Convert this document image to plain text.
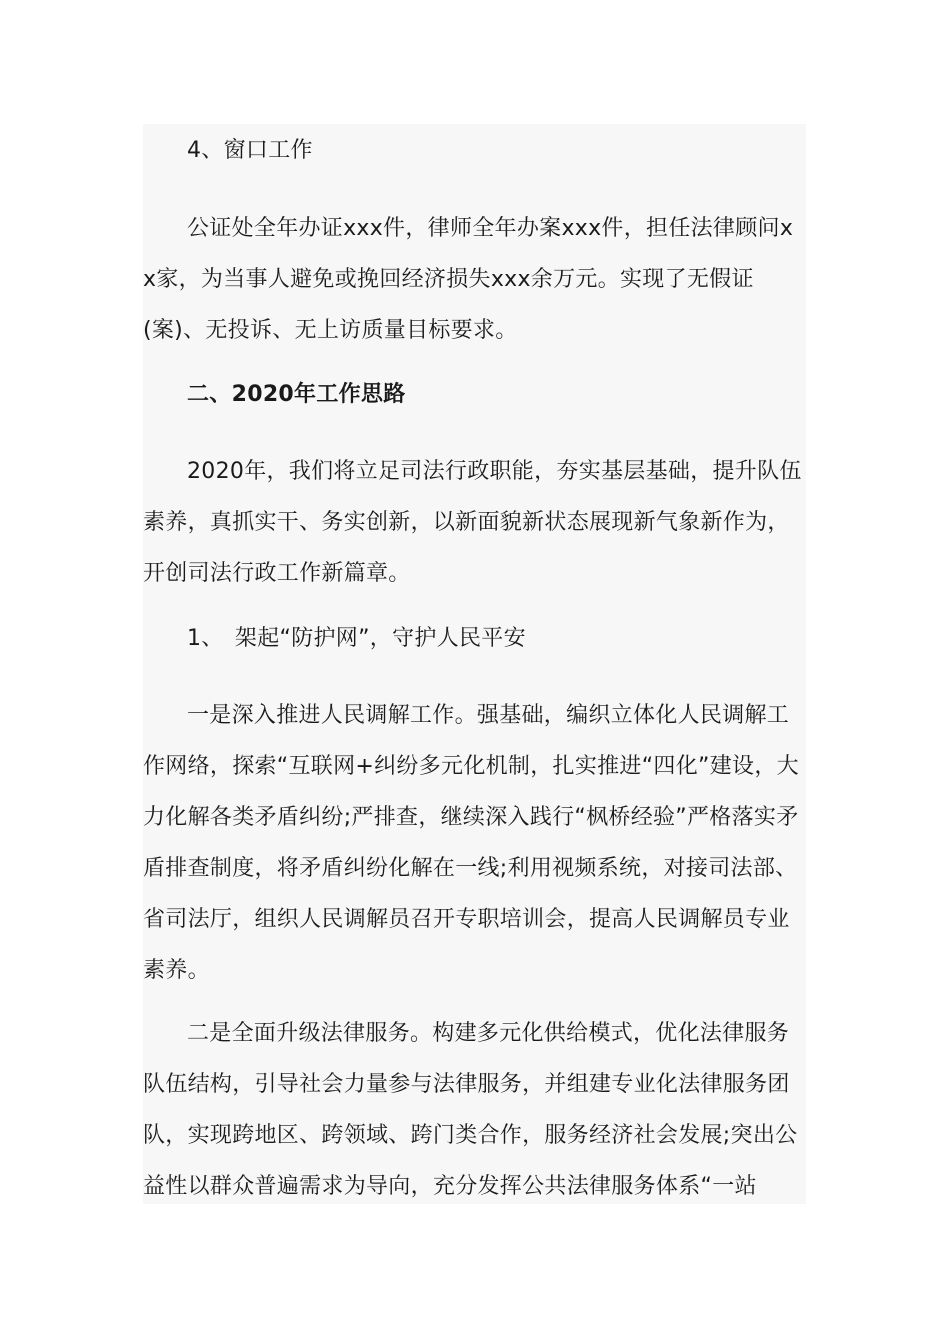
4、窗口工作

公证处全年办证xxx件，律师全年办案xxx件，担任法律顾问xx家，为当事人避免或挽回经济损失xxx余万元。实现了无假证(案)、无投诉、无上访质量目标要求。

二、2020年工作思路

2020年，我们将立足司法行政职能，夯实基层基础，提升队伍素养，真抓实干、务实创新，以新面貌新状态展现新气象新作为，开创司法行政工作新篇章。

1、　架起“防护网”，守护人民平安

一是深入推进人民调解工作。强基础，编织立体化人民调解工作网络，探索“互联网+纠纷多元化机制，扎实推进“四化”建设，大力化解各类矛盾纠纷;严排查，继续深入践行“枫桥经验”严格落实矛盾排查制度，将矛盾纠纷化解在一线;利用视频系统，对接司法部、省司法厅，组织人民调解员召开专职培训会，提高人民调解员专业素养。

二是全面升级法律服务。构建多元化供给模式，优化法律服务队伍结构，引导社会力量参与法律服务，并组建专业化法律服务团队，实现跨地区、跨领域、跨门类合作，服务经济社会发展;突出公益性以群众普遍需求为导向，充分发挥公共法律服务体系“一站
